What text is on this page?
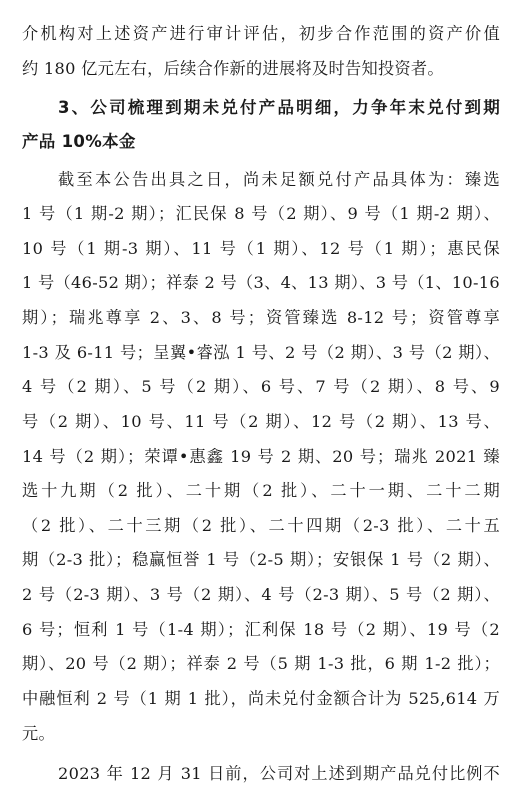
介机构对上述资产进行审计评估，初步合作范围的资产价值
约 180 亿元左右，后续合作新的进展将及时告知投资者。
3、公司梳理到期未兑付产品明细，力争年末兑付到期
产品 10%本金
截至本公告出具之日，尚未足额兑付产品具体为：臻选
1 号（1 期-2 期）；汇民保 8 号（2 期）、9 号（1 期-2 期）、
10 号（1 期-3 期）、11 号（1 期）、12 号（1 期）；惠民保
1 号（46-52 期）；祥泰 2 号（3、4、13 期）、3 号（1、10-16
期）；瑞兆尊享 2、3、8 号；资管臻选 8-12 号；资管尊享
1-3 及 6-11 号；呈翼•睿泓 1 号、2 号（2 期）、3 号（2 期）、
4 号（2 期）、5 号（2 期）、6 号、7 号（2 期）、8 号、9
号（2 期）、10 号、11 号（2 期）、12 号（2 期）、13 号、
14 号（2 期）；荣谭•惠鑫 19 号 2 期、20 号；瑞兆 2021 臻
选十九期（2 批）、二十期（2 批）、二十一期、二十二期
（2 批）、二十三期（2 批）、二十四期（2-3 批）、二十五
期（2-3 批）；稳赢恒誉 1 号（2-5 期）；安银保 1 号（2 期）、
2 号（2-3 期）、3 号（2 期）、4 号（2-3 期）、5 号（2 期）、
6 号；恒利 1 号（1-4 期）；汇利保 18 号（2 期）、19 号（2
期）、20 号（2 期）；祥泰 2 号（5 期 1-3 批，6 期 1-2 批）；
中融恒利 2 号（1 期 1 批），尚未兑付金额合计为 525,614 万
元。
2023 年 12 月 31 日前，公司对上述到期产品兑付比例不
